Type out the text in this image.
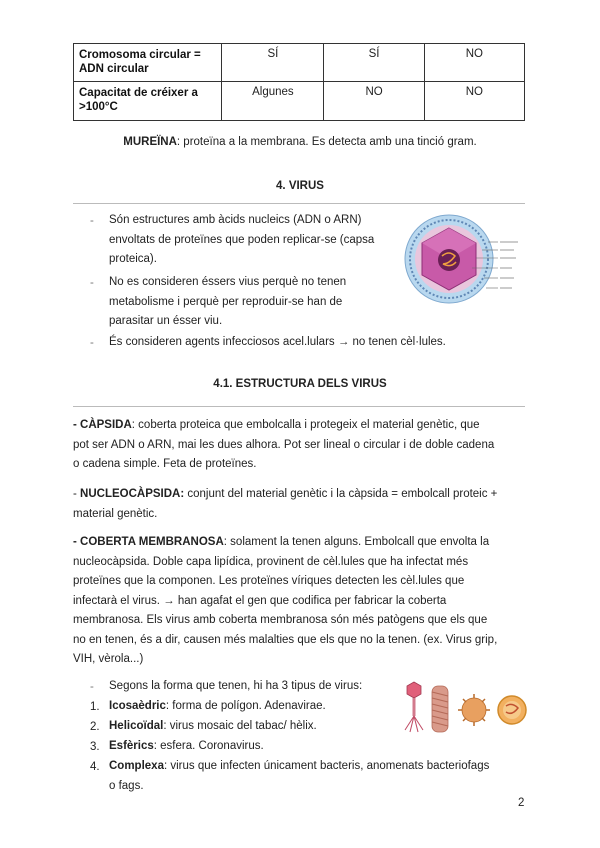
Cromosoma circular = ADN circular	SÍ	SÍ	NO
Capacitat de créixer a >100°C	Algunes	NO	NO
MUREÏNA: proteïna a la membrana. Es detecta amb una tinció gram.
4. VIRUS
- Són estructures amb àcids nucleics (ADN o ARN)
envoltats de proteïnes que poden replicar-se (capsa
proteica).
- No es consideren éssers vius perquè no tenen
metabolisme i perquè per reproduir-se han de
parasitar un ésser viu.
- És consideren agents infecciosos acel.lulars → no tenen cèl·lules.
4.1. ESTRUCTURA DELS VIRUS
- CÀPSIDA: coberta proteica que embolcalla i protegeix el material genètic, que
pot ser ADN o ARN, mai les dues alhora. Pot ser lineal o circular i de doble cadena
o cadena simple. Feta de proteïnes.
- NUCLEOCÀPSIDA: conjunt del material genètic i la càpsida = embolcall proteic +
material genètic.
- COBERTA MEMBRANOSA: solament la tenen alguns. Embolcall que envolta la
nucleocàpsida. Doble capa lipídica, provinent de cèl.lules que ha infectat més
proteïnes que la componen. Les proteïnes víriques detecten les cèl.lules que
infectarà el virus. → han agafat el gen que codifica per fabricar la coberta
membranosa. Els virus amb coberta membranosa són més patògens que els que
no en tenen, és a dir, causen més malalties que els que no la tenen. (ex. Virus grip,
VIH, vèrola...)
- Segons la forma que tenen, hi ha 3 tipus de virus:
1. Icosaèdric: forma de polígon. Adenavirae.
2. Helicoïdal: virus mosaic del tabac/ hèlix.
3. Esfèrics: esfera. Coronavirus.
4. Complexa: virus que infecten únicament bacteris, anomenats bacteriofags
o fags.
2
